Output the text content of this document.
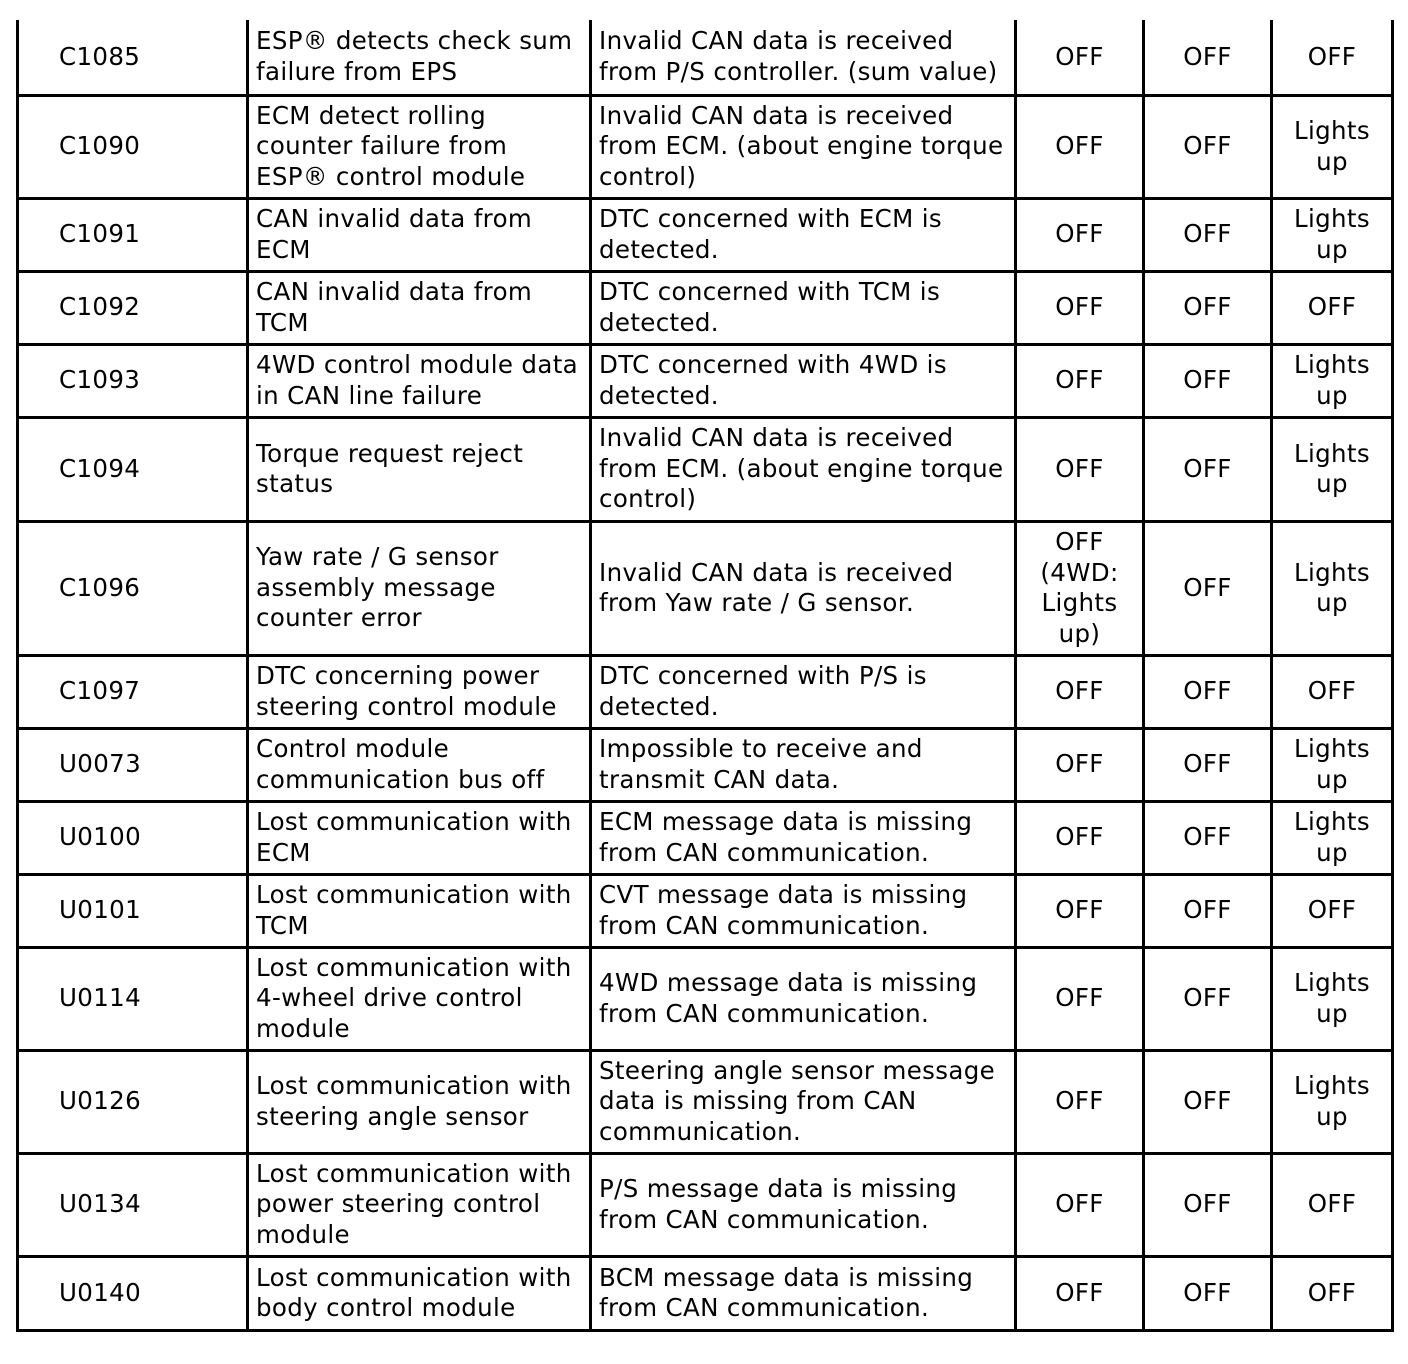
C1085	ESP® detects check sum failure from EPS	Invalid CAN data is received from P/S controller. (sum value)	OFF	OFF	OFF
C1090	ECM detect rolling counter failure from ESP® control module	Invalid CAN data is received from ECM. (about engine torque control)	OFF	OFF	Lights up
C1091	CAN invalid data from ECM	DTC concerned with ECM is detected.	OFF	OFF	Lights up
C1092	CAN invalid data from TCM	DTC concerned with TCM is detected.	OFF	OFF	OFF
C1093	4WD control module data in CAN line failure	DTC concerned with 4WD is detected.	OFF	OFF	Lights up
C1094	Torque request reject status	Invalid CAN data is received from ECM. (about engine torque control)	OFF	OFF	Lights up
C1096	Yaw rate / G sensor assembly message counter error	Invalid CAN data is received from Yaw rate / G sensor.	OFF (4WD: Lights up)	OFF	Lights up
C1097	DTC concerning power steering control module	DTC concerned with P/S is detected.	OFF	OFF	OFF
U0073	Control module communication bus off	Impossible to receive and transmit CAN data.	OFF	OFF	Lights up
U0100	Lost communication with ECM	ECM message data is missing from CAN communication.	OFF	OFF	Lights up
U0101	Lost communication with TCM	CVT message data is missing from CAN communication.	OFF	OFF	OFF
U0114	Lost communication with 4-wheel drive control module	4WD message data is missing from CAN communication.	OFF	OFF	Lights up
U0126	Lost communication with steering angle sensor	Steering angle sensor message data is missing from CAN communication.	OFF	OFF	Lights up
U0134	Lost communication with power steering control module	P/S message data is missing from CAN communication.	OFF	OFF	OFF
U0140	Lost communication with body control module	BCM message data is missing from CAN communication.	OFF	OFF	OFF
